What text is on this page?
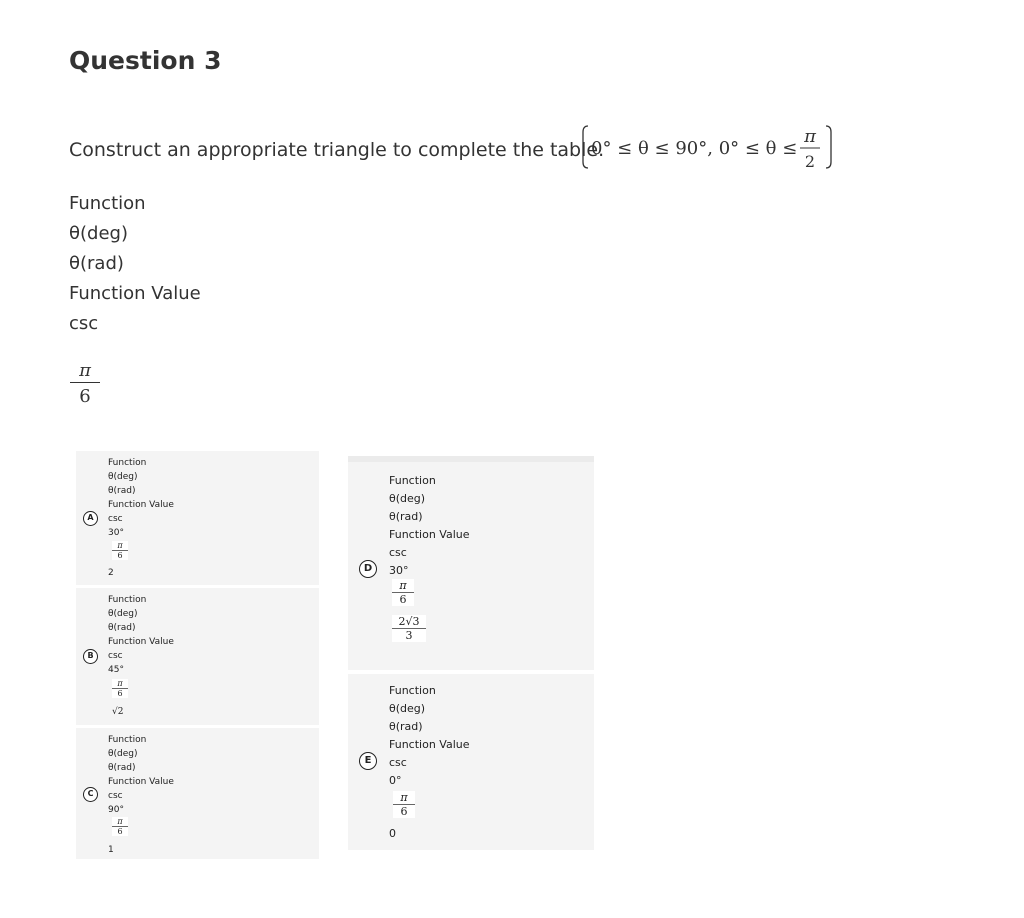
Question 3
Construct an appropriate triangle to complete the table.
0° ≤ θ ≤ 90°, 0° ≤ θ ≤
π
2
Function
θ(deg)
θ(rad)
Function Value
csc
π
6
A
Function
θ(deg)
θ(rad)
Function Value
csc
30°
π
6
2
B
Function
θ(deg)
θ(rad)
Function Value
csc
45°
π
6
√2
C
Function
θ(deg)
θ(rad)
Function Value
csc
90°
π
6
1
D
Function
θ(deg)
θ(rad)
Function Value
csc
30°
π
6
2√3
3
E
Function
θ(deg)
θ(rad)
Function Value
csc
0°
π
6
0
